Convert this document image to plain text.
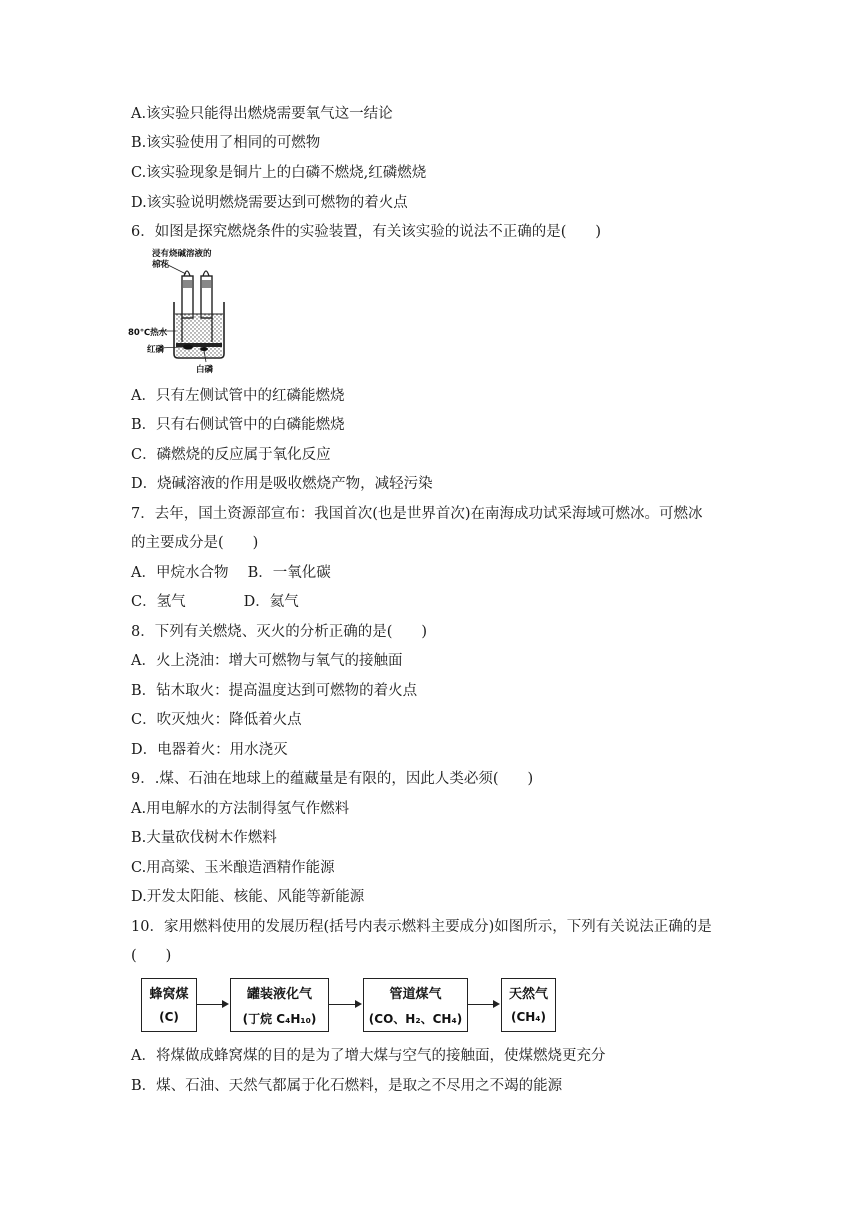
A.该实验只能得出燃烧需要氧气这一结论
B.该实验使用了相同的可燃物
C.该实验现象是铜片上的白磷不燃烧,红磷燃烧
D.该实验说明燃烧需要达到可燃物的着火点
6．如图是探究燃烧条件的实验装置，有关该实验的说法不正确的是(　　)
浸有烧碱溶液的棉花
80℃热水
红磷
白磷
A．只有左侧试管中的红磷能燃烧
B．只有右侧试管中的白磷能燃烧
C．磷燃烧的反应属于氧化反应
D．烧碱溶液的作用是吸收燃烧产物，减轻污染
7．去年，国土资源部宣布：我国首次(也是世界首次)在南海成功试采海域可燃冰。可燃冰
的主要成分是(　　)
A．甲烷水合物　 B．一氧化碳
C．氢气　　　　D．氦气
8．下列有关燃烧、灭火的分析正确的是(　　)
A．火上浇油：增大可燃物与氧气的接触面
B．钻木取火：提高温度达到可燃物的着火点
C．吹灭烛火：降低着火点
D．电器着火：用水浇灭
9．.煤、石油在地球上的蕴藏量是有限的，因此人类必须(　　)
A.用电解水的方法制得氢气作燃料
B.大量砍伐树木作燃料
C.用高粱、玉米酿造酒精作能源
D.开发太阳能、核能、风能等新能源
10．家用燃料使用的发展历程(括号内表示燃料主要成分)如图所示，下列有关说法正确的是
(　　)
蜂窝煤
(C)
罐装液化气
(丁烷 C₄H₁₀)
管道煤气
(CO、H₂、CH₄)
天然气
(CH₄)
A．将煤做成蜂窝煤的目的是为了增大煤与空气的接触面，使煤燃烧更充分
B．煤、石油、天然气都属于化石燃料，是取之不尽用之不竭的能源
